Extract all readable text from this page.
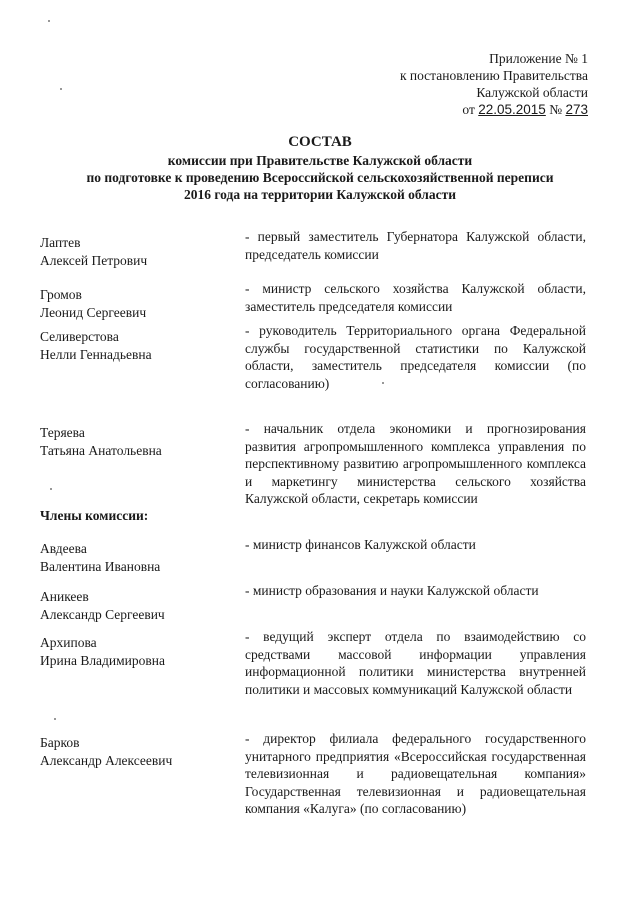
Приложение № 1
к постановлению Правительства
Калужской области
от 22.05.2015 № 273
СОСТАВ
комиссии при Правительстве Калужской области
по подготовке к проведению Всероссийской сельскохозяйственной переписи
2016 года на территории Калужской области
Лаптев
Алексей Петрович
- первый заместитель Губернатора Калужской области, председатель комиссии
Громов
Леонид Сергеевич
- министр сельского хозяйства Калужской области, заместитель председателя комиссии
Селиверстова
Нелли Геннадьевна
- руководитель Территориального органа Федеральной службы государственной статистики по Калужской области, заместитель председателя комиссии (по согласованию)
Теряева
Татьяна Анатольевна
- начальник отдела экономики и прогнозирования развития агропромышленного комплекса управления по перспективному развитию агропромышленного комплекса и маркетингу министерства сельского хозяйства Калужской области, секретарь комиссии
Члены комиссии:
Авдеева
Валентина Ивановна
- министр финансов Калужской области
Аникеев
Александр Сергеевич
- министр образования и науки Калужской области
Архипова
Ирина Владимировна
- ведущий эксперт отдела по взаимодействию со средствами массовой информации управления информационной политики министерства внутренней политики и массовых коммуникаций Калужской области
Барков
Александр Алексеевич
- директор филиала федерального государственного унитарного предприятия «Всероссийская государственная телевизионная и радиовещательная компания» Государственная телевизионная и радиовещательная компания «Калуга» (по согласованию)
